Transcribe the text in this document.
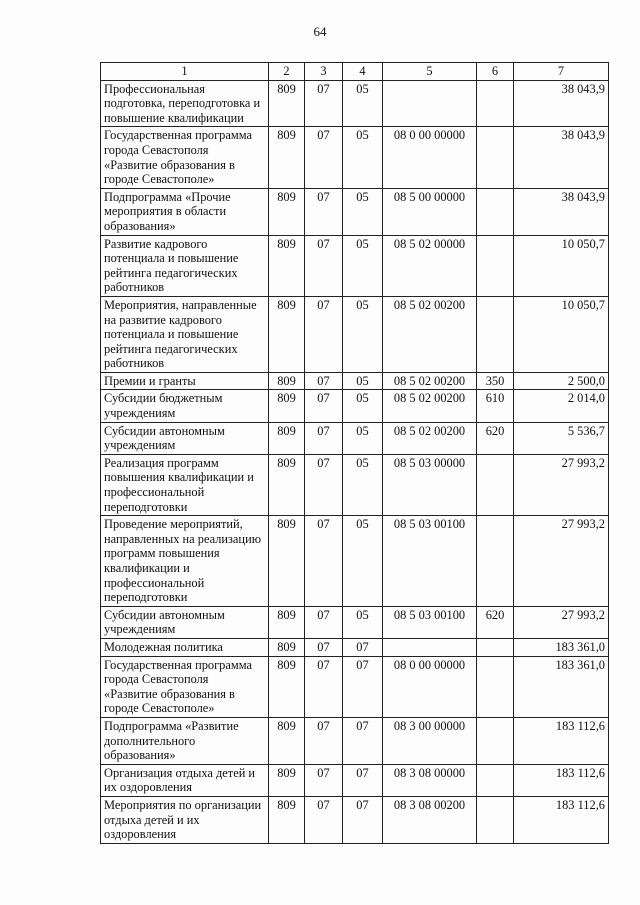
64
1	2	3	4	5	6	7
Профессиональная подготовка, переподготовка и повышение квалификации	809	07	05			38 043,9
Государственная программа города Севастополя «Развитие образования в городе Севастополе»	809	07	05	08 0 00 00000		38 043,9
Подпрограмма «Прочие мероприятия в области образования»	809	07	05	08 5 00 00000		38 043,9
Развитие кадрового потенциала и повышение рейтинга педагогических работников	809	07	05	08 5 02 00000		10 050,7
Мероприятия, направленные на развитие кадрового потенциала и повышение рейтинга педагогических работников	809	07	05	08 5 02 00200		10 050,7
Премии и гранты	809	07	05	08 5 02 00200	350	2 500,0
Субсидии бюджетным учреждениям	809	07	05	08 5 02 00200	610	2 014,0
Субсидии автономным учреждениям	809	07	05	08 5 02 00200	620	5 536,7
Реализация программ повышения квалификации и профессиональной переподготовки	809	07	05	08 5 03 00000		27 993,2
Проведение мероприятий, направленных на реализацию программ повышения квалификации и профессиональной переподготовки	809	07	05	08 5 03 00100		27 993,2
Субсидии автономным учреждениям	809	07	05	08 5 03 00100	620	27 993,2
Молодежная политика	809	07	07			183 361,0
Государственная программа города Севастополя «Развитие образования в городе Севастополе»	809	07	07	08 0 00 00000		183 361,0
Подпрограмма «Развитие дополнительного образования»	809	07	07	08 3 00 00000		183 112,6
Организация отдыха детей и их оздоровления	809	07	07	08 3 08 00000		183 112,6
Мероприятия по организации отдыха детей и их оздоровления	809	07	07	08 3 08 00200		183 112,6
